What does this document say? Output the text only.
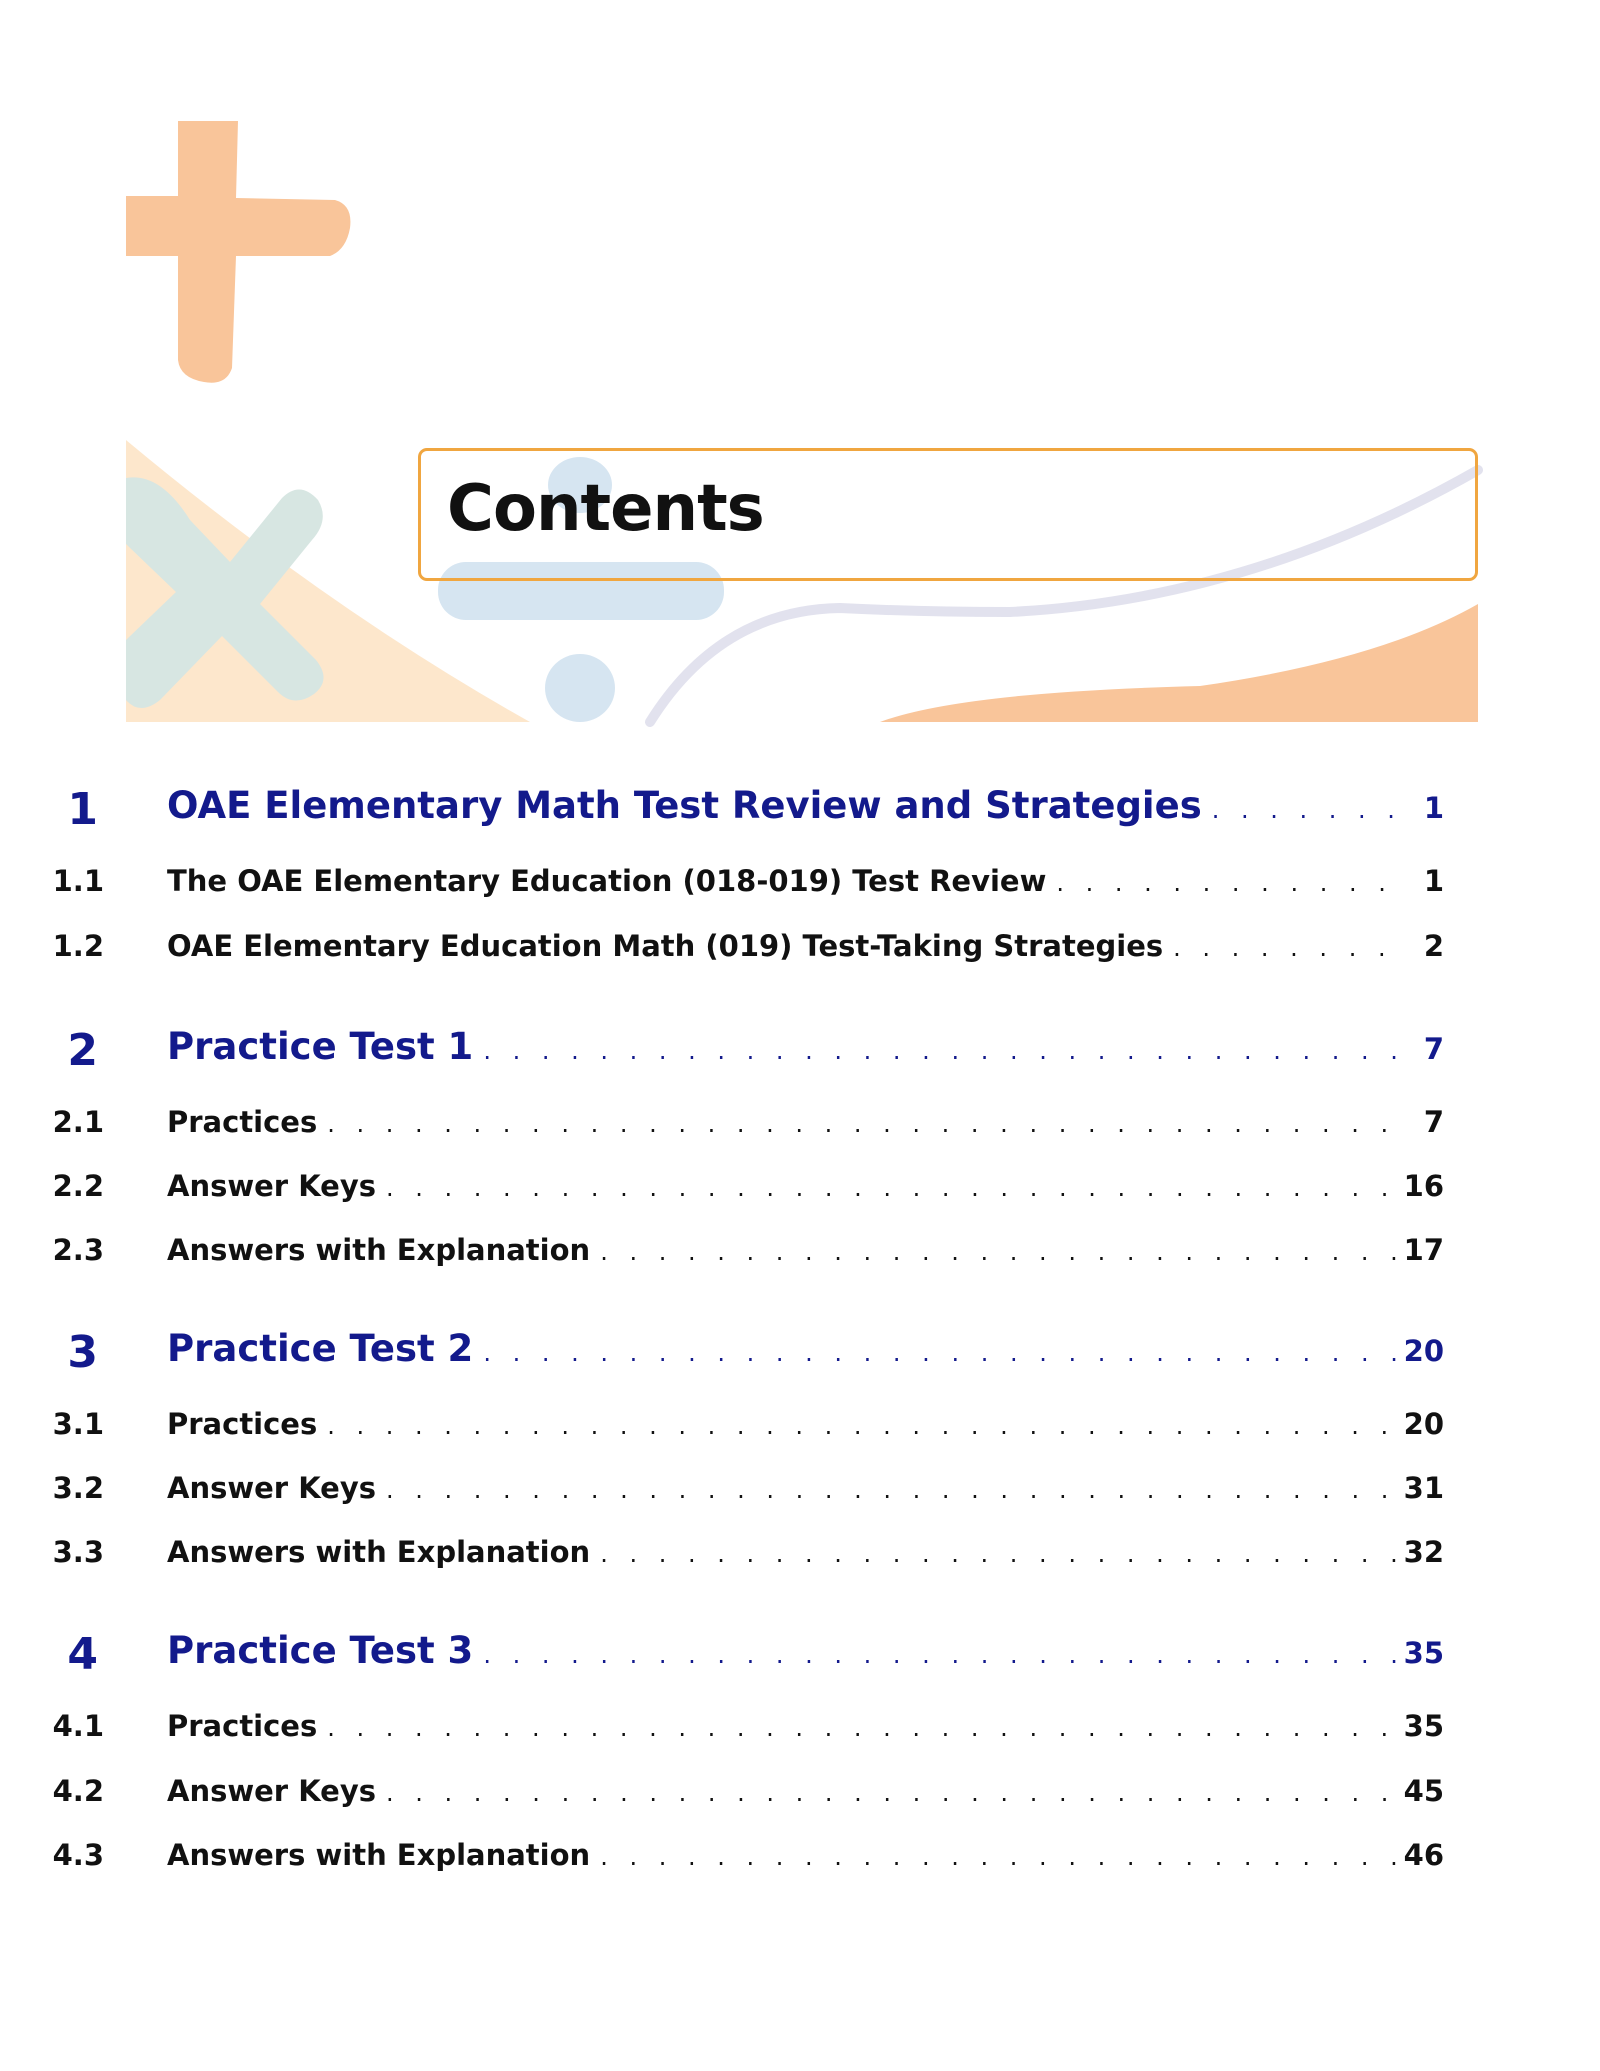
Contents
1 OAE Elementary Math Test Review and Strategies . . .	1
1.1 The OAE Elementary Education (018-019) Test Review . . .	1
1.2 OAE Elementary Education Math (019) Test-Taking Strategies . . .	2
2 Practice Test 1 . . .	7
2.1 Practices . . .	7
2.2 Answer Keys . . .	16
2.3 Answers with Explanation . . .	17
3 Practice Test 2 . . .	20
3.1 Practices . . .	20
3.2 Answer Keys . . .	31
3.3 Answers with Explanation . . .	32
4 Practice Test 3 . . .	35
4.1 Practices . . .	35
4.2 Answer Keys . . .	45
4.3 Answers with Explanation . . .	46
